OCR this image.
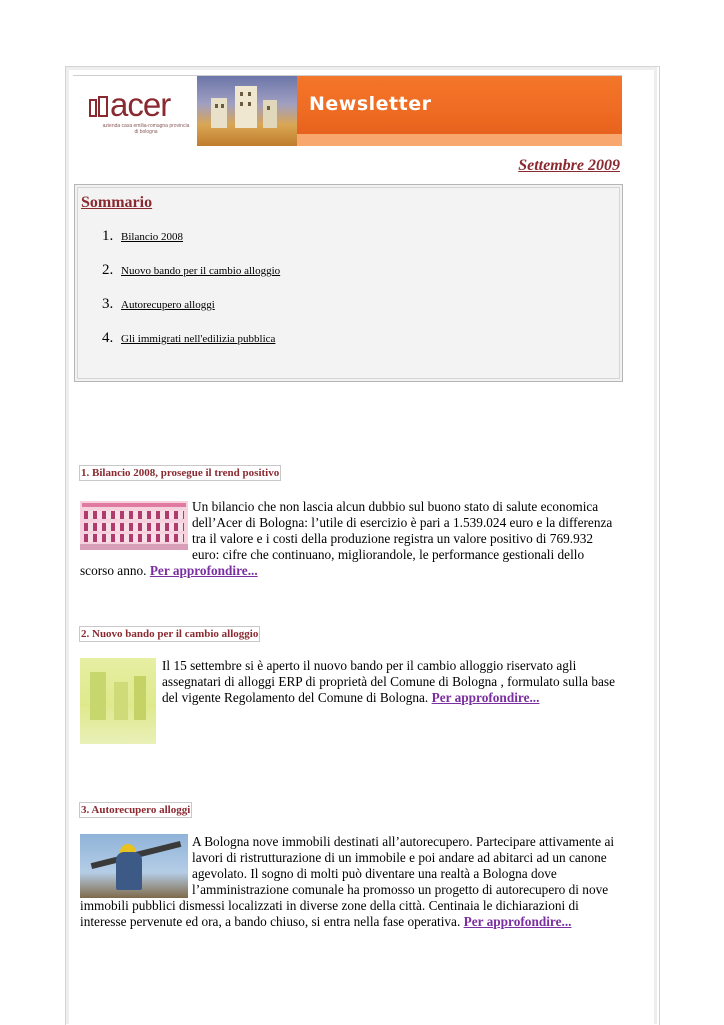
acer
azienda casa emilia-romagna provincia di bologna
Newsletter
Settembre 2009
Sommario
1. Bilancio 2008
2. Nuovo bando per il cambio alloggio
3. Autorecupero alloggi
4. Gli immigrati nell'edilizia pubblica
1. Bilancio 2008, prosegue il trend positivo

Un bilancio che non lascia alcun dubbio sul buono stato di salute economica dell’Acer di Bologna: l’utile di esercizio è pari a 1.539.024 euro e la differenza tra il valore e i costi della produzione registra un valore positivo di 769.932 euro: cifre che continuano, migliorandole, le performance gestionali dello scorso anno. Per approfondire...

2. Nuovo bando per il cambio alloggio

Il 15 settembre si è aperto il nuovo bando per il cambio alloggio riservato agli assegnatari di alloggi ERP di proprietà del Comune di Bologna , formulato sulla base del vigente Regolamento del Comune di Bologna. Per approfondire...

3. Autorecupero alloggi

A Bologna nove immobili destinati all’autorecupero.

Partecipare attivamente ai lavori di ristrutturazione di un immobile e poi andare ad abitarci ad un canone agevolato. Il sogno di molti può diventare una realtà a Bologna dove l’amministrazione comunale ha promosso un progetto di autorecupero di nove immobili pubblici dismessi localizzati in diverse zone della città. Centinaia le dichiarazioni di interesse pervenute ed ora, a bando chiuso, si entra nella fase operativa. Per approfondire...
